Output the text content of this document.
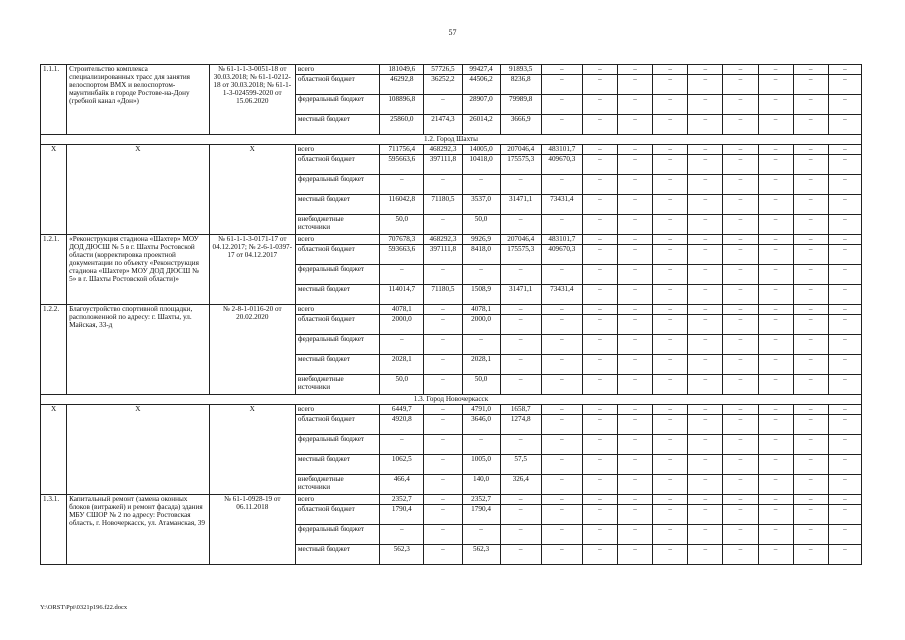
57
1.1.1.	Строительство комплекса специализированных трасс для занятия велоспортом ВМХ и велоспортом-маунтинбайк в городе Ростове-на-Дону (гребной канал «Дон»)	№ 61-1-1-3-0051-18 от 30.03.2018; № 61-1-0212-18 от 30.03.2018; № 61-1-1-3-024599-2020 от 15.06.2020	всего	181049,6	57726,5	99427,4	91893,5	–	–	–	–	–	–	–	–	–
			областной бюджет	46292,8	36252,2	44506,2	8236,8	–	–	–	–	–	–	–	–	–
			федеральный бюджет	108896,8	–	28907,0	79989,8	–	–	–	–	–	–	–	–	–
			местный бюджет	25860,0	21474,3	26014,2	3666,9	–	–	–	–	–	–	–	–	–
1.2. Город Шахты																
Х	Х	Х	всего	711756,4	468292,3	14005,0	207046,4	483101,7	–	–	–	–	–	–	–	–
			областной бюджет	595663,6	397111,8	10418,0	175575,3	409670,3	–	–	–	–	–	–	–	–
			федеральный бюджет	–	–	–	–	–	–	–	–	–	–	–	–	–
			местный бюджет	116042,8	71180,5	3537,0	31471,1	73431,4	–	–	–	–	–	–	–	–
			внебюджетные источники	50,0	–	50,0	–	–	–	–	–	–	–	–	–	–
1.2.1.	«Реконструкция стадиона «Шахтер» МОУ ДОД ДЮСШ № 5 в г. Шахты Ростовской области (корректировка проектной документации по объекту «Реконструкция стадиона «Шахтер» МОУ ДОД ДЮСШ № 5» в г. Шахты Ростовской области)»	№ 61-1-1-3-0171-17 от 04.12.2017; № 2-6-1-0397-17 от 04.12.2017	всего	707678,3	468292,3	9926,9	207046,4	483101,7	–	–	–	–	–	–	–	–
			областной бюджет	593663,6	397111,8	8418,0	175575,3	409670,3	–	–	–	–	–	–	–	–
			федеральный бюджет	–	–	–	–	–	–	–	–	–	–	–	–	–
			местный бюджет	114014,7	71180,5	1508,9	31471,1	73431,4	–	–	–	–	–	–	–	–
1.2.2.	Благоустройство спортивной площадки, расположенной по адресу: г. Шахты, ул. Майская, 33-д	№ 2-8-1-0116-20 от 20.02.2020	всего	4078,1	–	4078,1	–	–	–	–	–	–	–	–	–	–
			областной бюджет	2000,0	–	2000,0	–	–	–	–	–	–	–	–	–	–
			федеральный бюджет	–	–	–	–	–	–	–	–	–	–	–	–	–
			местный бюджет	2028,1	–	2028,1	–	–	–	–	–	–	–	–	–	–
			внебюджетные источники	50,0	–	50,0	–	–	–	–	–	–	–	–	–	–
1.3. Город Новочеркасск																
Х	Х	Х	всего	6449,7	–	4791,0	1658,7	–	–	–	–	–	–	–	–	–
			областной бюджет	4920,8	–	3646,0	1274,8	–	–	–	–	–	–	–	–	–
			федеральный бюджет	–	–	–	–	–	–	–	–	–	–	–	–	–
			местный бюджет	1062,5	–	1005,0	57,5	–	–	–	–	–	–	–	–	–
			внебюджетные источники	466,4	–	140,0	326,4	–	–	–	–	–	–	–	–	–
1.3.1.	Капитальный ремонт (замена оконных блоков (витражей) и ремонт фасада) здания МБУ СШОР № 2 по адресу: Ростовская область, г. Новочеркасск, ул. Атаманская, 39	№ 61-1-0928-19 от 06.11.2018	всего	2352,7	–	2352,7	–	–	–	–	–	–	–	–	–	–
			областной бюджет	1790,4	–	1790,4	–	–	–	–	–	–	–	–	–	–
			федеральный бюджет	–	–	–	–	–	–	–	–	–	–	–	–	–
			местный бюджет	562,3	–	562,3	–	–	–	–	–	–	–	–	–	–
Y:\ORST\Ppi\0321p196.f22.docx
